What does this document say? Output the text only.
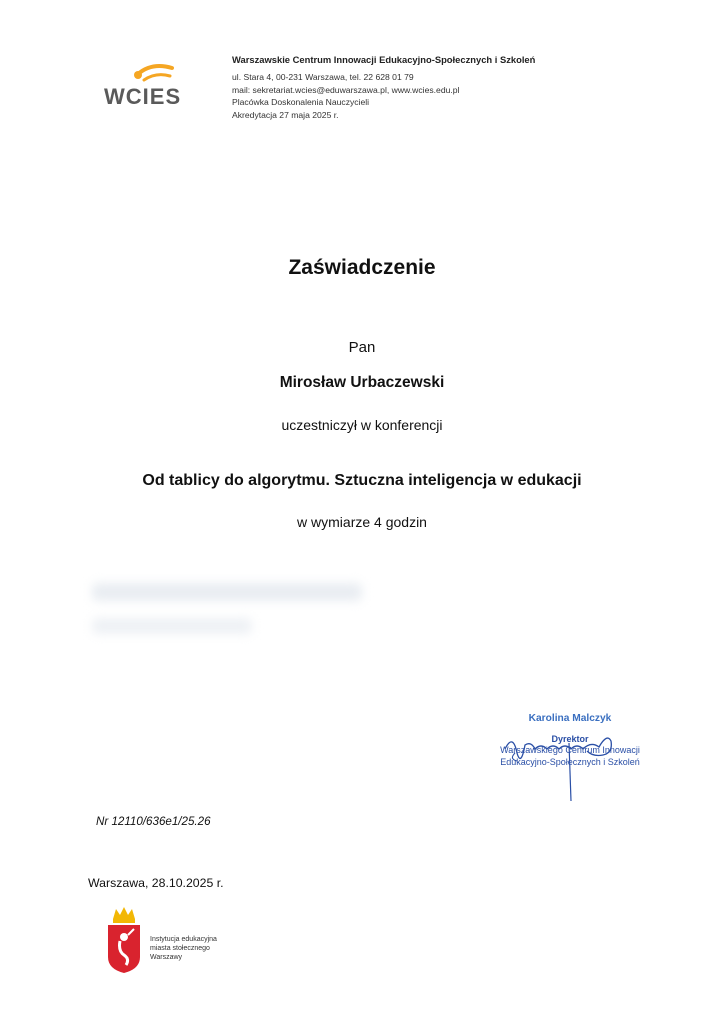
WCIES
Warszawskie Centrum Innowacji Edukacyjno-Społecznych i Szkoleń
ul. Stara 4, 00-231 Warszawa, tel. 22 628 01 79
mail: sekretariat.wcies@eduwarszawa.pl, www.wcies.edu.pl
Placówka Doskonalenia Nauczycieli
Akredytacja 27 maja 2025 r.
Zaświadczenie
Pan
Mirosław Urbaczewski
uczestniczył w konferencji
Od tablicy do algorytmu. Sztuczna inteligencja w edukacji
w wymiarze 4 godzin
Karolina Malczyk
Dyrektor
Warszawskiego Centrum Innowacji
Edukacyjno-Społecznych i Szkoleń
Nr 12110/636e1/25.26
Warszawa, 28.10.2025 r.
Instytucja edukacyjna
miasta stołecznego
Warszawy
